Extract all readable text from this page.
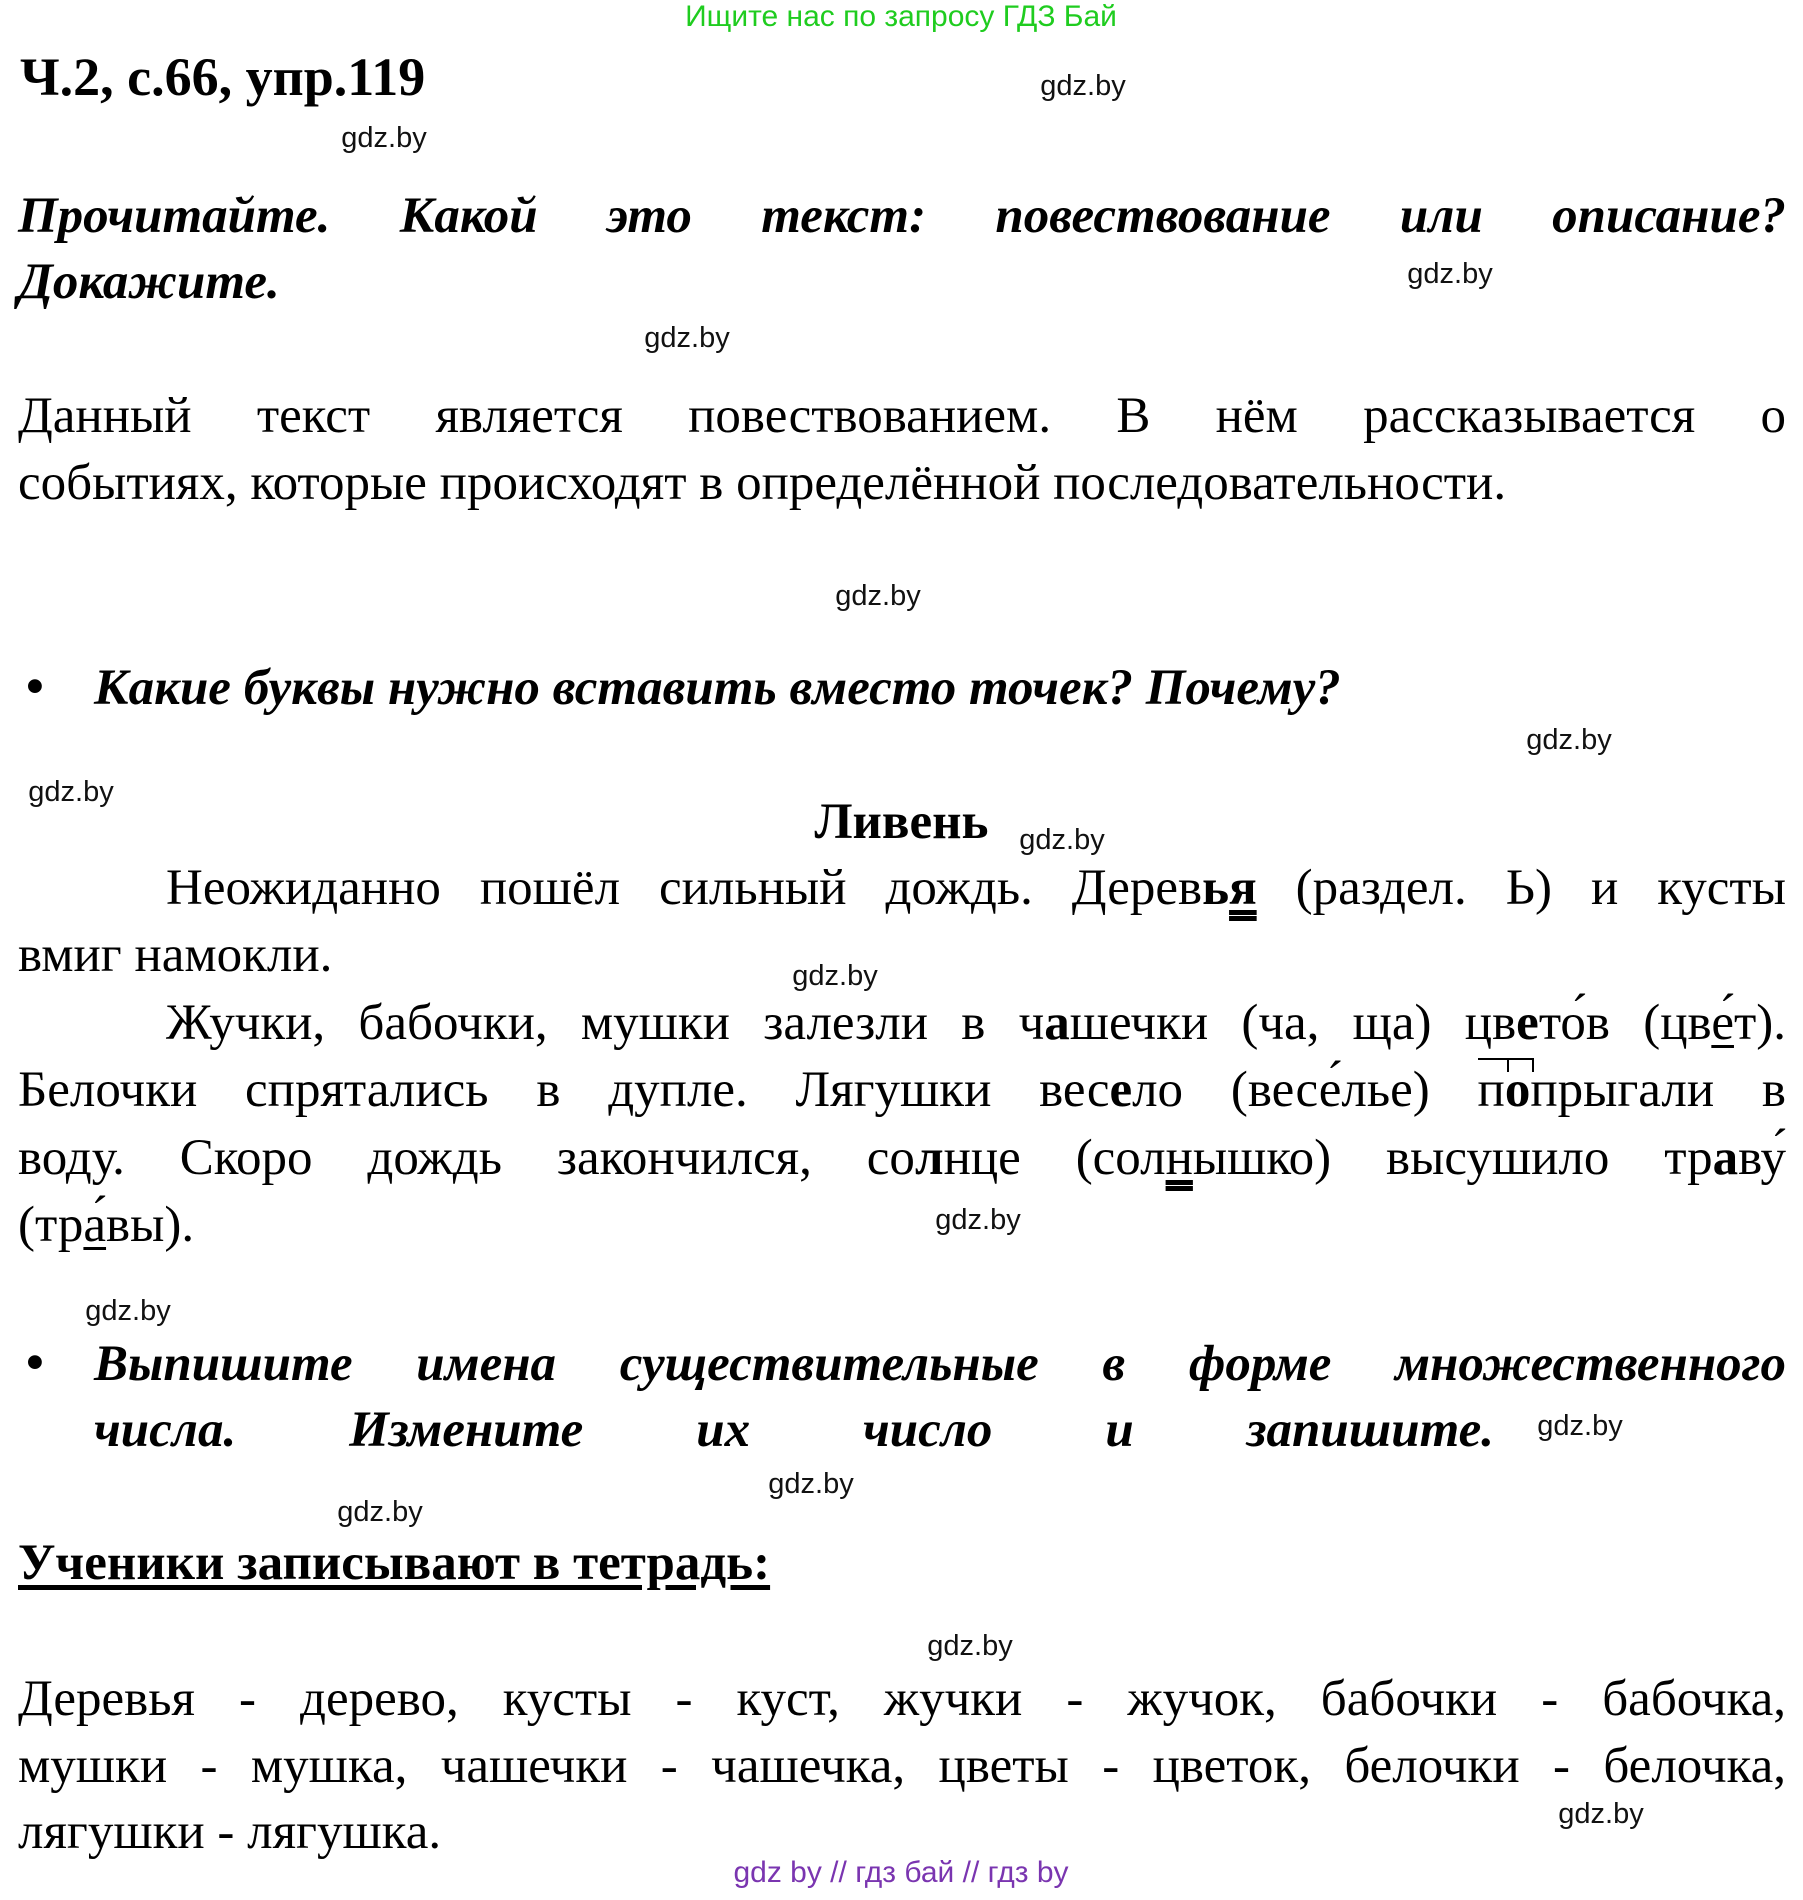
Ищите нас по запросу ГДЗ Бай
Ч.2, с.66, упр.119
Прочитайте. Какой это текст: повествование или описание?
Докажите.
Данный текст является повествованием. В нём рассказывается о
событиях, которые происходят в определённой последовательности.
• Какие буквы нужно вставить вместо точек? Почему?
Ливень
Неожиданно пошёл сильный дождь. Деревья (раздел. Ь) и кусты
вмиг намокли.
Жучки, бабочки, мушки залезли в чашечки (ча, ща) цвето́в (цве́т).
Белочки спрятались в дупле. Лягушки весело (весе́лье) попрыгали в
воду. Скоро дождь закончился, солнце (солнышко) высушило траву́
(тра́вы).
• Выпишите имена существительные в форме множественного
числа. Измените их число и запишите.
Ученики записывают в тетрадь:
Деревья - дерево, кусты - куст, жучки - жучок, бабочки - бабочка,
мушки - мушка, чашечки - чашечка, цветы - цветок, белочки - белочка,
лягушки - лягушка.
gdz.by
gdz.by
gdz.by
gdz.by
gdz.by
gdz.by
gdz.by
gdz.by
gdz.by
gdz.by
gdz.by
gdz.by
gdz.by
gdz.by
gdz.by
gdz.by
gdz by // гдз бай // гдз by
